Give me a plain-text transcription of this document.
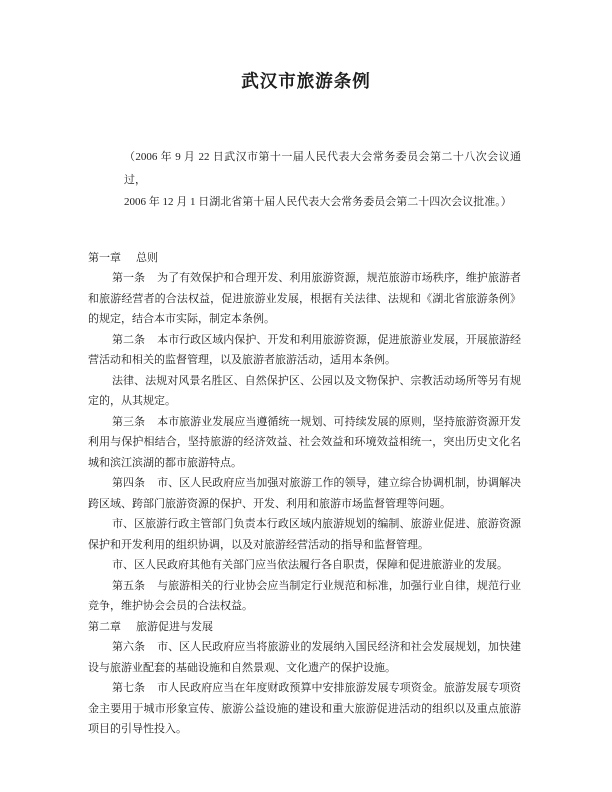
武汉市旅游条例
（2006 年 9 月 22 日武汉市第十一届人民代表大会常务委员会第二十八次会议通过，
2006 年 12 月 1 日湖北省第十届人民代表大会常务委员会第二十四次会议批准。）
第一章 总则

第一条 为了有效保护和合理开发、利用旅游资源，规范旅游市场秩序，维护旅游者和旅游经营者的合法权益，促进旅游业发展，根据有关法律、法规和《湖北省旅游条例》的规定，结合本市实际，制定本条例。

第二条 本市行政区域内保护、开发和利用旅游资源，促进旅游业发展，开展旅游经营活动和相关的监督管理，以及旅游者旅游活动，适用本条例。

法律、法规对风景名胜区、自然保护区、公园以及文物保护、宗教活动场所等另有规定的，从其规定。

第三条 本市旅游业发展应当遵循统一规划、可持续发展的原则，坚持旅游资源开发利用与保护相结合，坚持旅游的经济效益、社会效益和环境效益相统一，突出历史文化名城和滨江滨湖的都市旅游特点。

第四条 市、区人民政府应当加强对旅游工作的领导，建立综合协调机制，协调解决跨区域、跨部门旅游资源的保护、开发、利用和旅游市场监督管理等问题。

市、区旅游行政主管部门负责本行政区域内旅游规划的编制、旅游业促进、旅游资源保护和开发利用的组织协调，以及对旅游经营活动的指导和监督管理。

市、区人民政府其他有关部门应当依法履行各自职责，保障和促进旅游业的发展。

第五条 与旅游相关的行业协会应当制定行业规范和标准，加强行业自律，规范行业竞争，维护协会会员的合法权益。

第二章 旅游促进与发展

第六条 市、区人民政府应当将旅游业的发展纳入国民经济和社会发展规划，加快建设与旅游业配套的基础设施和自然景观、文化遗产的保护设施。

第七条 市人民政府应当在年度财政预算中安排旅游发展专项资金。旅游发展专项资金主要用于城市形象宣传、旅游公益设施的建设和重大旅游促进活动的组织以及重点旅游项目的引导性投入。
